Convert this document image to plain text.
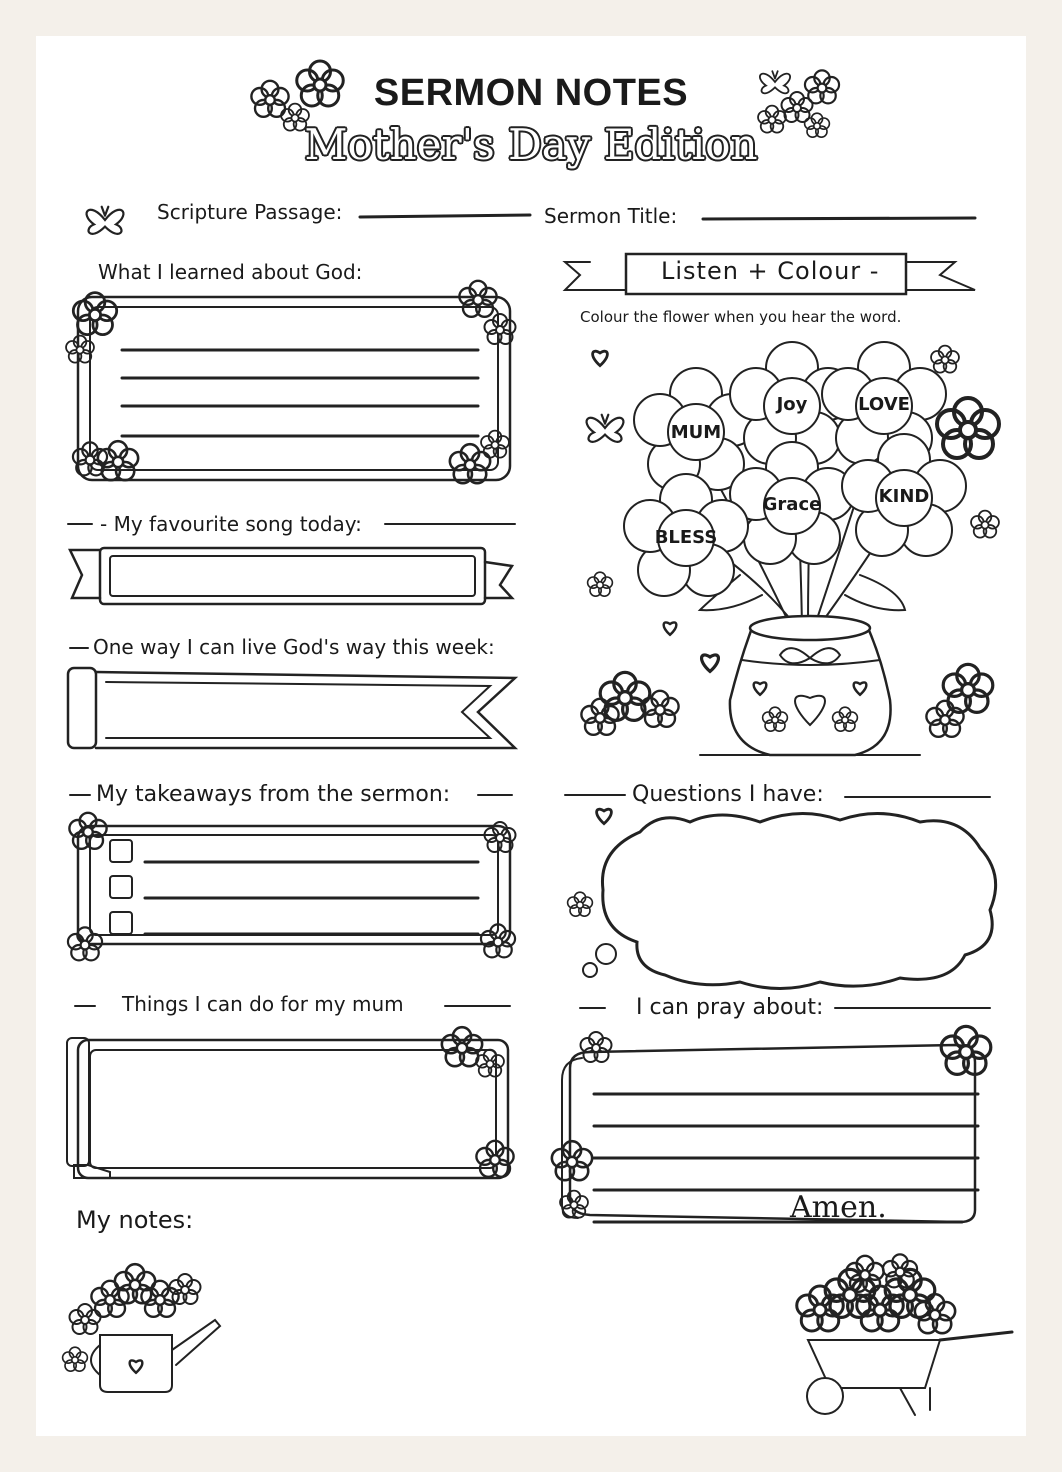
SERMON NOTES
Mother's Day Edition
Scripture Passage:	Sermon Title:
What I learned about God:
- My favourite song today:
One way I can live God's way this week:
My takeaways from the sermon:
Things I can do for my mum
My notes:
Listen + Colour -
Colour the flower when you hear the word.
Joy	LOVE
MUM
Grace	KIND
BLESS
Questions I have:
I can pray about:
Amen.
